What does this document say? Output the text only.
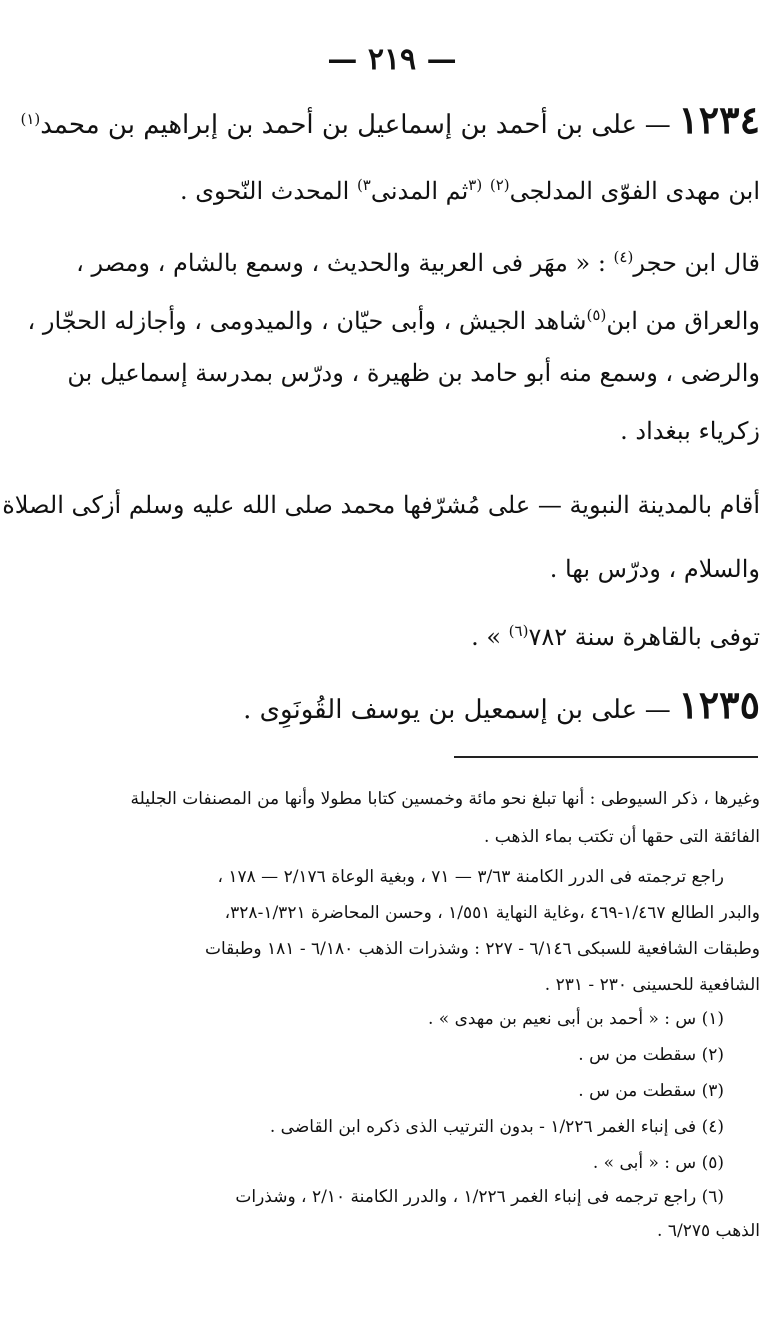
— ٢١٩ —
١٢٣٤ — على بن أحمد بن إسماعيل بن أحمد بن إبراهيم بن محمد$^{(١)}$
ابن مهدى الفوّى المدلجى$^{(٢)}$ $^{(٣}$ثم المدنى$^{٣)}$ المحدث النّحوى .
قال ابن حجر$^{(٤)}$ : « مهَر فى العربية والحديث ، وسمع بالشام ، ومصر ،
والعراق من ابن$^{(٥)}$شاهد الجيش ، وأبى حيّان ، والميدومى ، وأجازله الحجّار ،
والرضى ، وسمع منه أبو حامد بن ظهيرة ، ودرّس بمدرسة إسماعيل بن
زكرياء ببغداد .
أقام بالمدينة النبوية — على مُشرّفها محمد صلى الله عليه وسلم أزكى الصلاة
والسلام ، ودرّس بها .
توفى بالقاهرة سنة ٧٨٢$^{(٦)}$ » .
١٢٣٥ — على بن إسمعيل بن يوسف القُونَوِى .
وغيرها ، ذكر السيوطى : أنها تبلغ نحو مائة وخمسين كتابا مطولا وأنها من المصنفات الجليلة
الفائقة التى حقها أن تكتب بماء الذهب .
راجع ترجمته فى الدرر الكامنة ٣/٦٣ — ٧١ ، وبغية الوعاة ٢/١٧٦ — ١٧٨ ،
والبدر الطالع ١/٤٦٧-٤٦٩ ،وغاية النهاية ١/٥٥١ ، وحسن المحاضرة ١/٣٢١-٣٢٨،
وطبقات الشافعية للسبكى ٦/١٤٦ - ٢٢٧ : وشذرات الذهب ٦/١٨٠ - ١٨١ وطبقات
الشافعية للحسينى ٢٣٠ - ٢٣١ .
(١) س : « أحمد بن أبى نعيم بن مهدى » .
(٢) سقطت من س .
(٣) سقطت من س .
(٤) فى إنباء الغمر ١/٢٢٦ - بدون الترتيب الذى ذكره ابن القاضى .
(٥) س : « أبى » .
(٦) راجع ترجمه فى إنباء الغمر ١/٢٢٦ ، والدرر الكامنة ٢/١٠ ، وشذرات
الذهب ٦/٢٧٥ .
